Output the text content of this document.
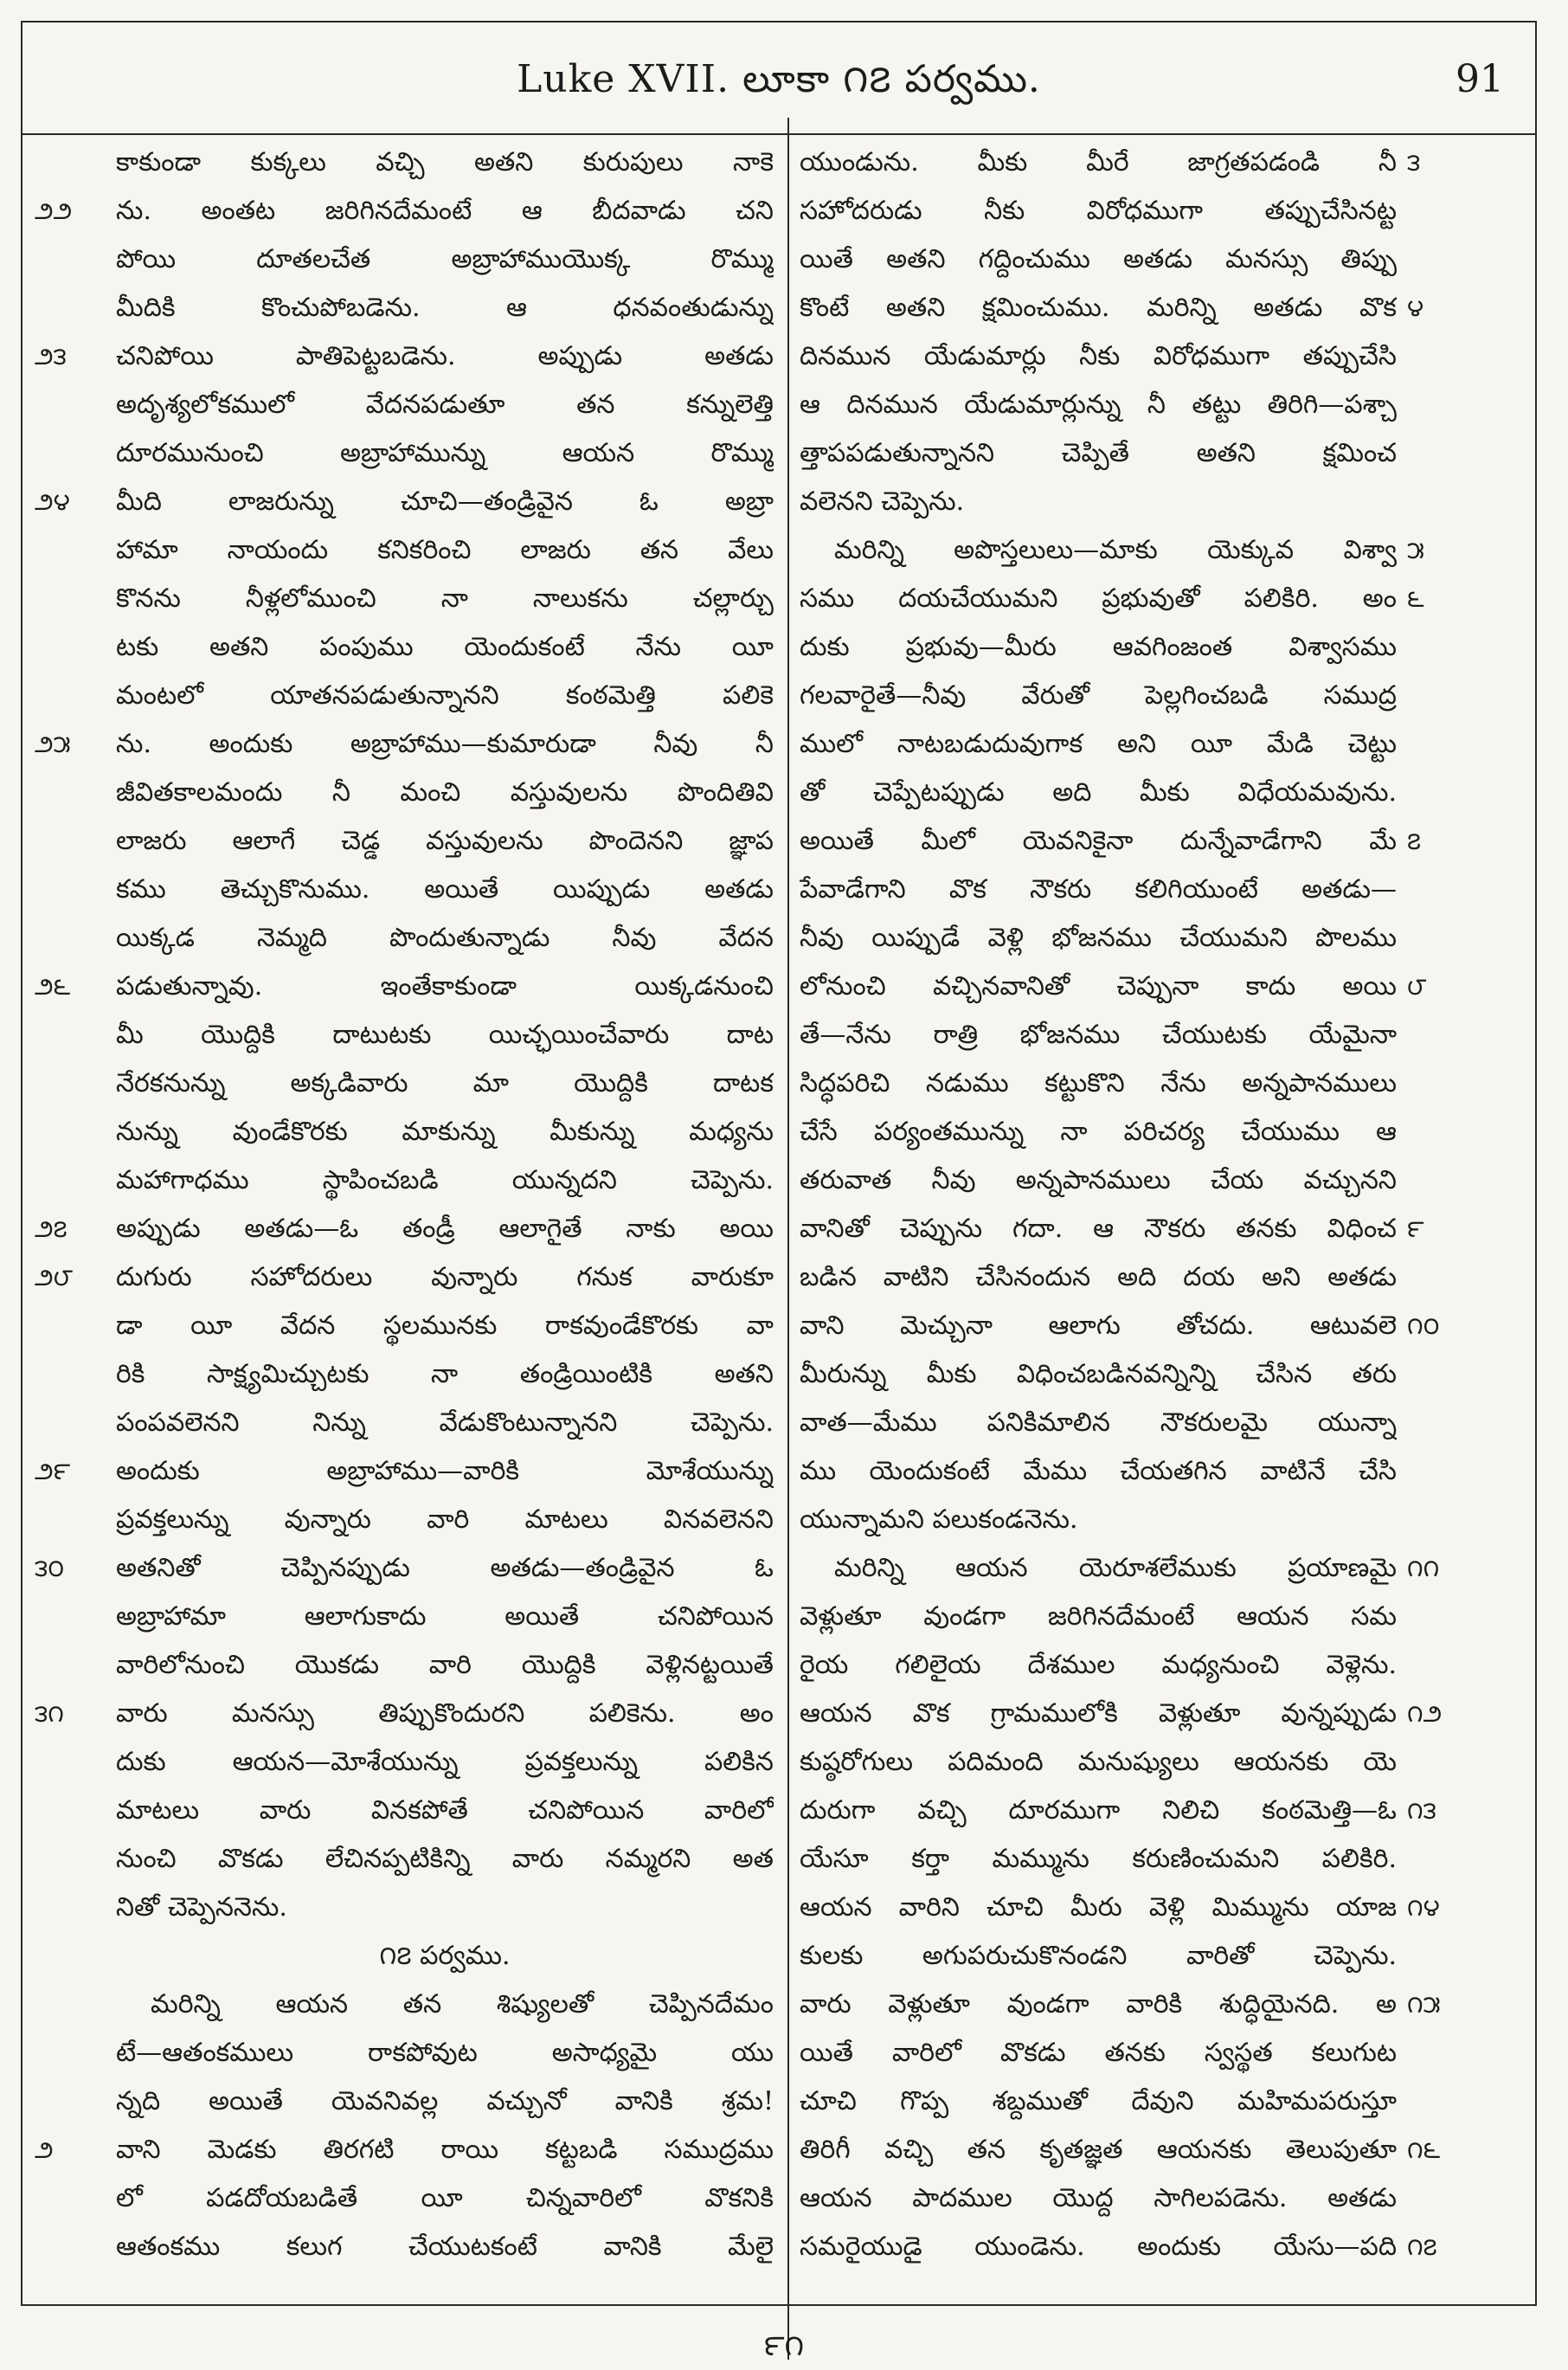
Luke XVII. లూకా ౧౭ పర్వము.	91
౨౨
౨౩
౨౪
౨౫
౨౬
౨౭
౨౮
౨౯
౩౦
౩౧
౨
౩
౪
౫
౬
౭
౮
౯
౧౦
౧౧
౧౨
౧౩
౧౪
౧౫
౧౬
౧౭
కాకుండా కుక్కలు వచ్చి అతని కురుపులు నాకె
ను. అంతట జరిగినదేమంటే ఆ బీదవాడు చని
పోయి దూతలచేత అబ్రాహాముయొక్క రొమ్ము
మీదికి కొంచుపోబడెను. ఆ ధనవంతుడున్ను
చనిపోయి పాతిపెట్టబడెను. అప్పుడు అతడు
అదృశ్యలోకములో వేదనపడుతూ తన కన్నులెత్తి
దూరమునుంచి అబ్రాహామున్ను ఆయన రొమ్ము
మీది లాజరున్ను చూచి—తండ్రివైన ఓ అబ్రా
హామా నాయందు కనికరించి లాజరు తన వేలు
కొనను నీళ్లలోముంచి నా నాలుకను చల్లార్చు
టకు అతని పంపుము యెందుకంటే నేను యీ
మంటలో యాతనపడుతున్నానని కంఠమెత్తి పలికె
ను. అందుకు అబ్రాహాము—కుమారుడా నీవు నీ
జీవితకాలమందు నీ మంచి వస్తువులను పొందితివి
లాజరు ఆలాగే చెడ్డ వస్తువులను పొందెనని జ్ఞాప
కము తెచ్చుకొనుము. అయితే యిప్పుడు అతడు
యిక్కడ నెమ్మది పొందుతున్నాడు నీవు వేదన
పడుతున్నావు. ఇంతేకాకుండా యిక్కడనుంచి
మీ యొద్దికి దాటుటకు యిచ్ఛయించేవారు దాట
నేరకనున్ను అక్కడివారు మా యొద్దికి దాటక
నున్ను వుండేకొరకు మాకున్ను మీకున్ను మధ్యను
మహాగాధము స్థాపించబడి యున్నదని చెప్పెను.
అప్పుడు అతడు—ఓ తండ్రీ ఆలాగైతే నాకు అయి
దుగురు సహోదరులు వున్నారు గనుక వారుకూ
డా యీ వేదన స్థలమునకు రాకవుండేకొరకు వా
రికి సాక్ష్యమిచ్చుటకు నా తండ్రియింటికి అతని
పంపవలెనని నిన్ను వేడుకొంటున్నానని చెప్పెను.
అందుకు అబ్రాహాము—వారికి మోశేయున్ను
ప్రవక్తలున్ను వున్నారు వారి మాటలు వినవలెనని
అతనితో చెప్పినప్పుడు అతడు—తండ్రివైన ఓ
అబ్రాహామా ఆలాగుకాదు అయితే చనిపోయిన
వారిలోనుంచి యొకడు వారి యొద్దికి వెళ్లినట్టయితే
వారు మనస్సు తిప్పుకొందురని పలికెను. అం
దుకు ఆయన—మోశేయున్ను ప్రవక్తలున్ను పలికిన
మాటలు వారు వినకపోతే చనిపోయిన వారిలో
నుంచి వొకడు లేచినప్పటికిన్ని వారు నమ్మరని అత
నితో చెప్పెననెను.
౧౭ పర్వము.
మరిన్ని ఆయన తన శిష్యులతో చెప్పినదేమం
టే—ఆతంకములు రాకపోవుట అసాధ్యమై యు
న్నది అయితే యెవనివల్ల వచ్చునో వానికి శ్రమ!
వాని మెడకు తిరగటి రాయి కట్టబడి సముద్రము
లో పడదోయబడితే యీ చిన్నవారిలో వొకనికి
ఆతంకము కలుగ చేయుటకంటే వానికి మేలై
యుండును. మీకు మీరే జాగ్రతపడండి నీ
సహోదరుడు నీకు విరోధముగా తప్పుచేసినట్ట
యితే అతని గద్దించుము అతడు మనస్సు తిప్పు
కొంటే అతని క్షమించుము. మరిన్ని అతడు వొక
దినమున యేడుమార్లు నీకు విరోధముగా తప్పుచేసి
ఆ దినమున యేడుమార్లున్ను నీ తట్టు తిరిగి—పశ్చా
త్తాపపడుతున్నానని చెప్పితే అతని క్షమించ
వలెనని చెప్పెను.
మరిన్ని అపొస్తలులు—మాకు యెక్కువ విశ్వా
సము దయచేయుమని ప్రభువుతో పలికిరి. అం
దుకు ప్రభువు—మీరు ఆవగింజంత విశ్వాసము
గలవారైతే—నీవు వేరుతో పెల్లగించబడి సముద్ర
ములో నాటబడుదువుగాక అని యీ మేడి చెట్టు
తో చెప్పేటప్పుడు అది మీకు విధేయమవును.
అయితే మీలో యెవనికైనా దున్నేవాడేగాని మే
పేవాడేగాని వొక నౌకరు కలిగియుంటే అతడు—
నీవు యిప్పుడే వెళ్లి భోజనము చేయుమని పొలము
లోనుంచి వచ్చినవానితో చెప్పునా కాదు అయి
తే—నేను రాత్రి భోజనము చేయుటకు యేమైనా
సిద్ధపరిచి నడుము కట్టుకొని నేను అన్నపానములు
చేసే పర్యంతమున్ను నా పరిచర్య చేయుము ఆ
తరువాత నీవు అన్నపానములు చేయ వచ్చునని
వానితో చెప్పును గదా. ఆ నౌకరు తనకు విధించ
బడిన వాటిని చేసినందున అది దయ అని అతడు
వాని మెచ్చునా ఆలాగు తోచదు. ఆటువలె
మీరున్ను మీకు విధించబడినవన్నిన్ని చేసిన తరు
వాత—మేము పనికిమాలిన నౌకరులమై యున్నా
ము యెందుకంటే మేము చేయతగిన వాటినే చేసి
యున్నామని పలుకండనెను.
మరిన్ని ఆయన యెరూశలేముకు ప్రయాణమై
వెళ్లుతూ వుండగా జరిగినదేమంటే ఆయన సమ
రైయ గలిలైయ దేశముల మధ్యనుంచి వెళ్లెను.
ఆయన వొక గ్రామములోకి వెళ్లుతూ వున్నప్పుడు
కుష్ఠరోగులు పదిమంది మనుష్యులు ఆయనకు యె
దురుగా వచ్చి దూరముగా నిలిచి కంఠమెత్తి—ఓ
యేసూ కర్తా మమ్మును కరుణించుమని పలికిరి.
ఆయన వారిని చూచి మీరు వెళ్లి మిమ్మును యాజ
కులకు అగుపరుచుకొనండని వారితో చెప్పెను.
వారు వెళ్లుతూ వుండగా వారికి శుద్ధియైనది. అ
యితే వారిలో వొకడు తనకు స్వస్థత కలుగుట
చూచి గొప్ప శబ్దముతో దేవుని మహిమపరుస్తూ
తిరిగీ వచ్చి తన కృతజ్ఞత ఆయనకు తెలుపుతూ
ఆయన పాదముల యొద్ద సాగిలపడెను. అతడు
సమరైయుడై యుండెను. అందుకు యేసు—పది
౯౧
